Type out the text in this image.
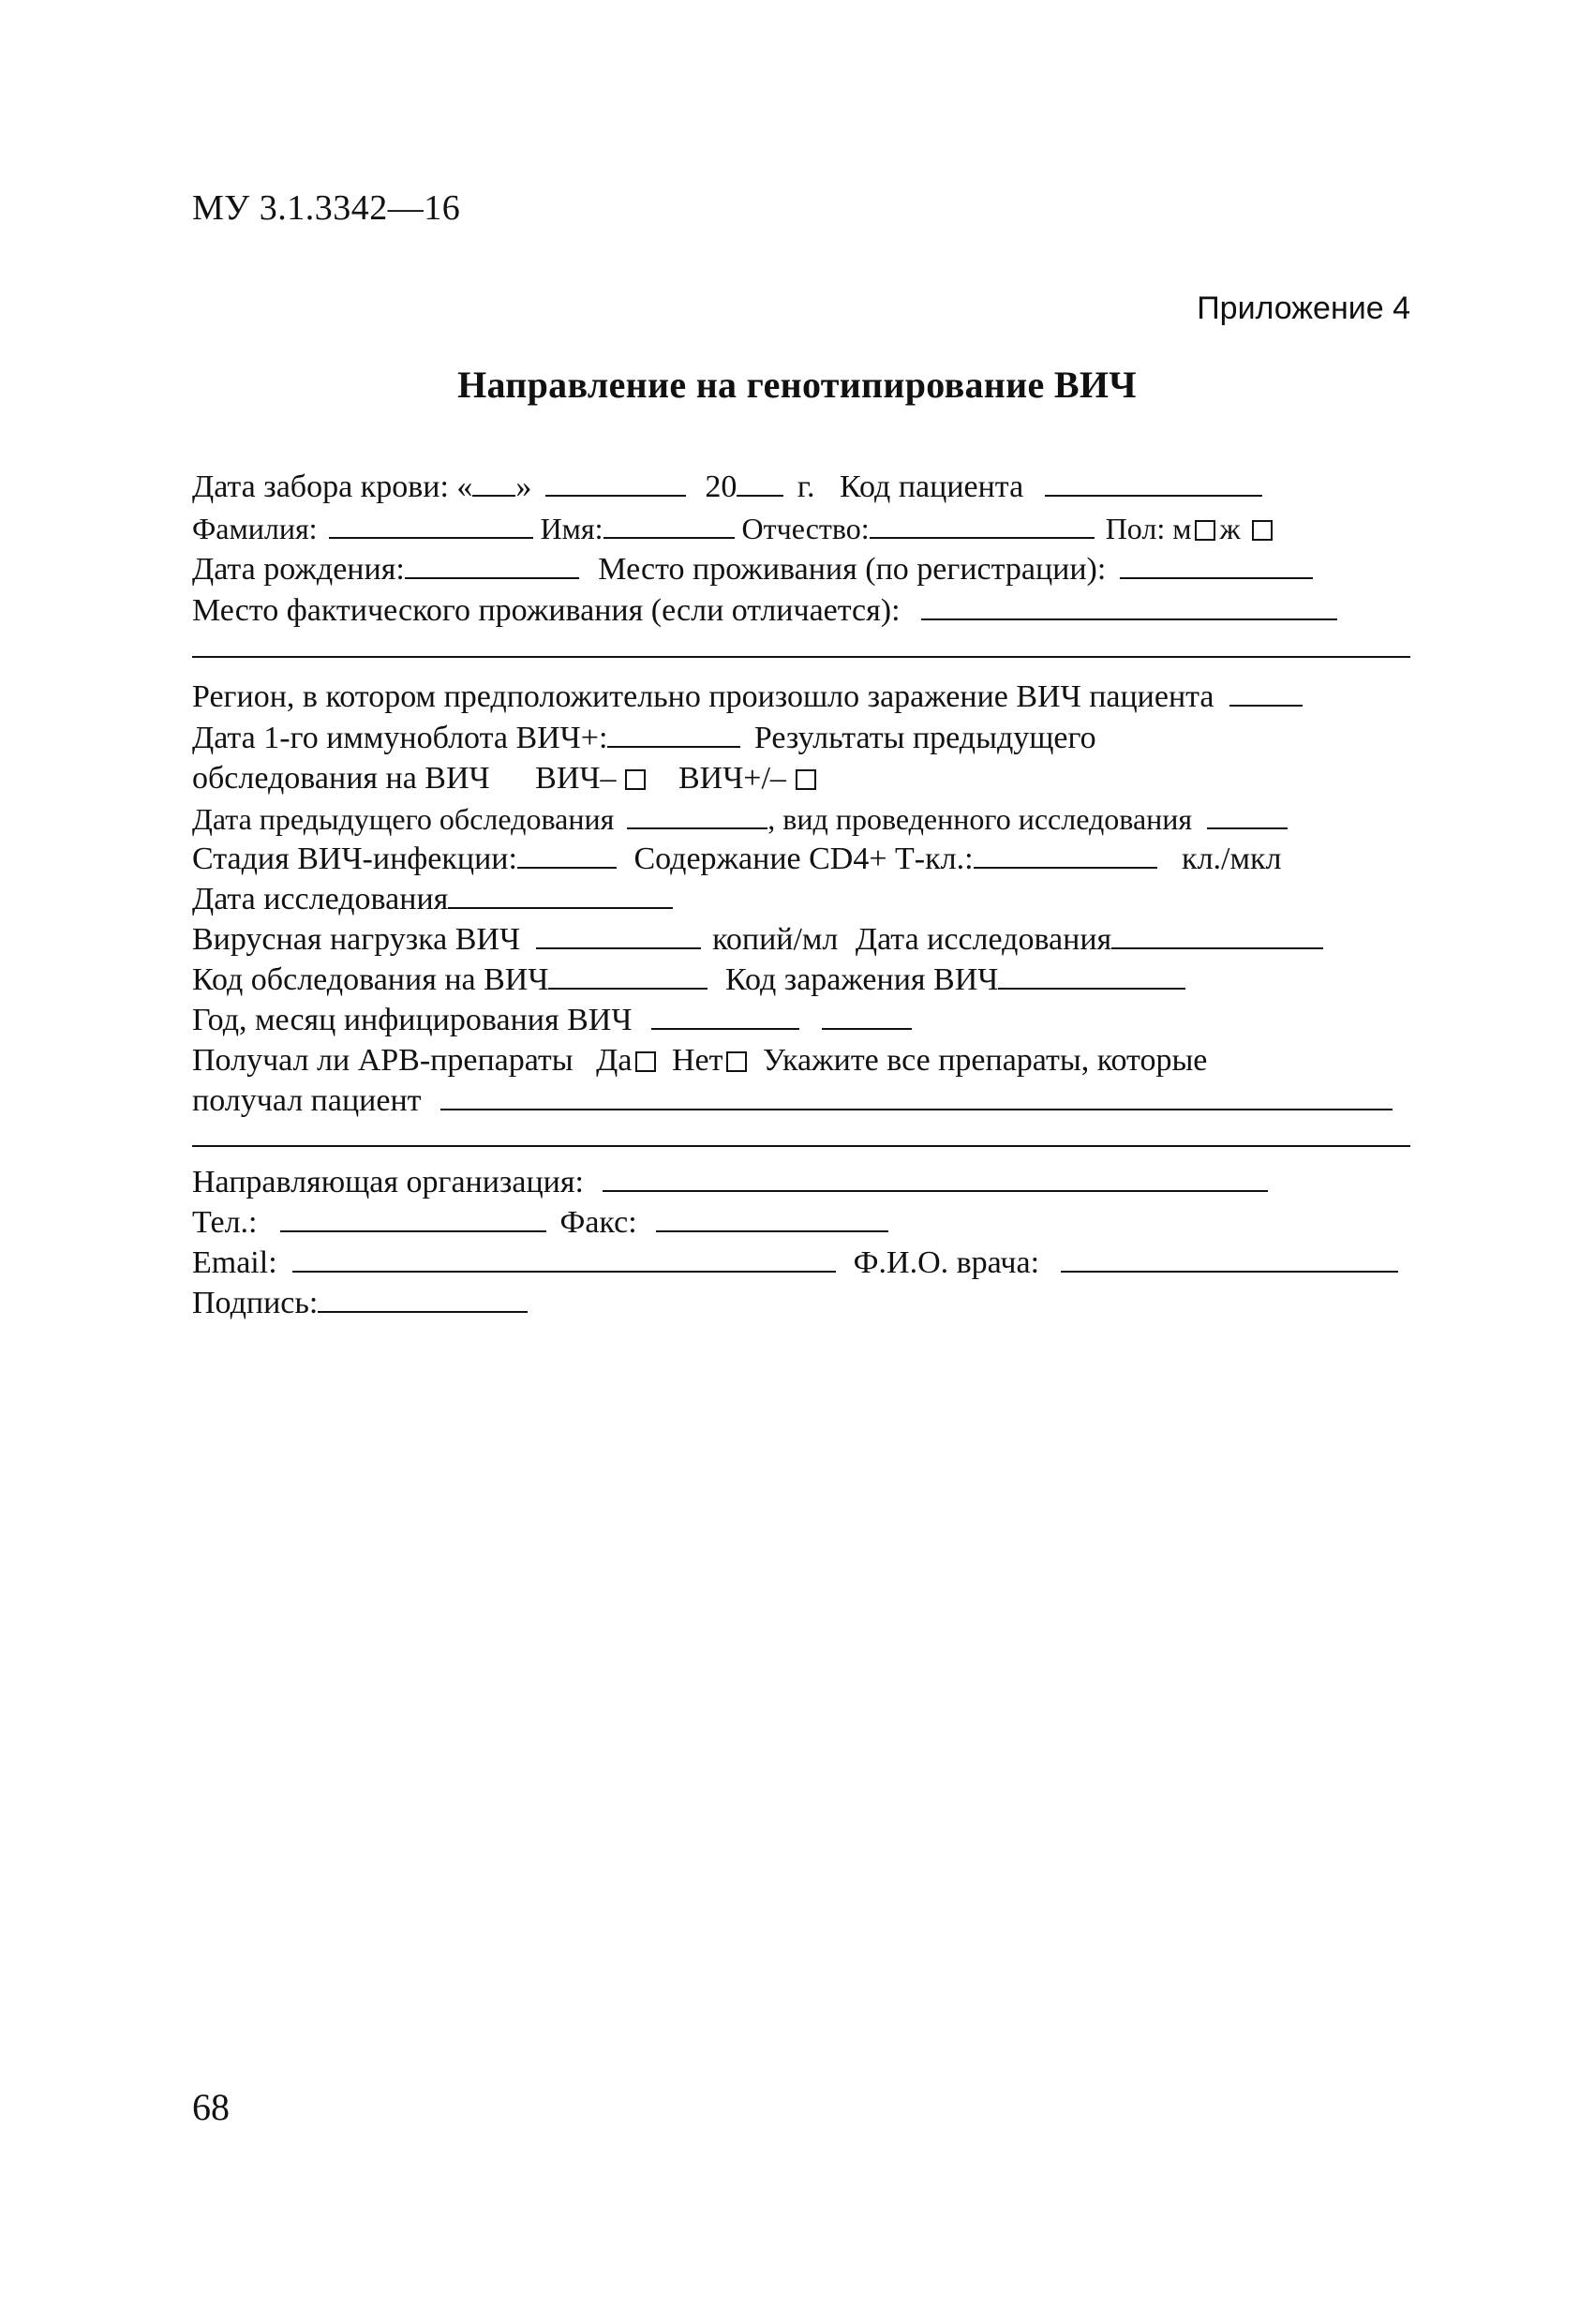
МУ 3.1.3342—16
Приложение 4
Направление на генотипирование ВИЧ
Дата забора крови: « »	20 г. Код пациента
Фамилия:	Имя:	Отчество:	Пол: м ж
Дата рождения:	Место проживания (по регистрации):
Место фактического проживания (если отличается):
Регион, в котором предположительно произошло заражение ВИЧ пациента
Дата 1-го иммуноблота ВИЧ+:	Результаты предыдущего
обследования на ВИЧ ВИЧ– ВИЧ+/–
Дата предыдущего обследования	, вид проведенного исследования
Стадия ВИЧ-инфекции:	Содержание CD4+ Т-кл.:	кл./мкл
Дата исследования
Вирусная нагрузка ВИЧ	копий/мл Дата исследования
Код обследования на ВИЧ	Код заражения ВИЧ
Год, месяц инфицирования ВИЧ
Получал ли АРВ-препараты Да Нет Укажите все препараты, которые
получал пациент
Направляющая организация:
Тел.:	Факс:
Email:	Ф.И.О. врача:
Подпись:
68
